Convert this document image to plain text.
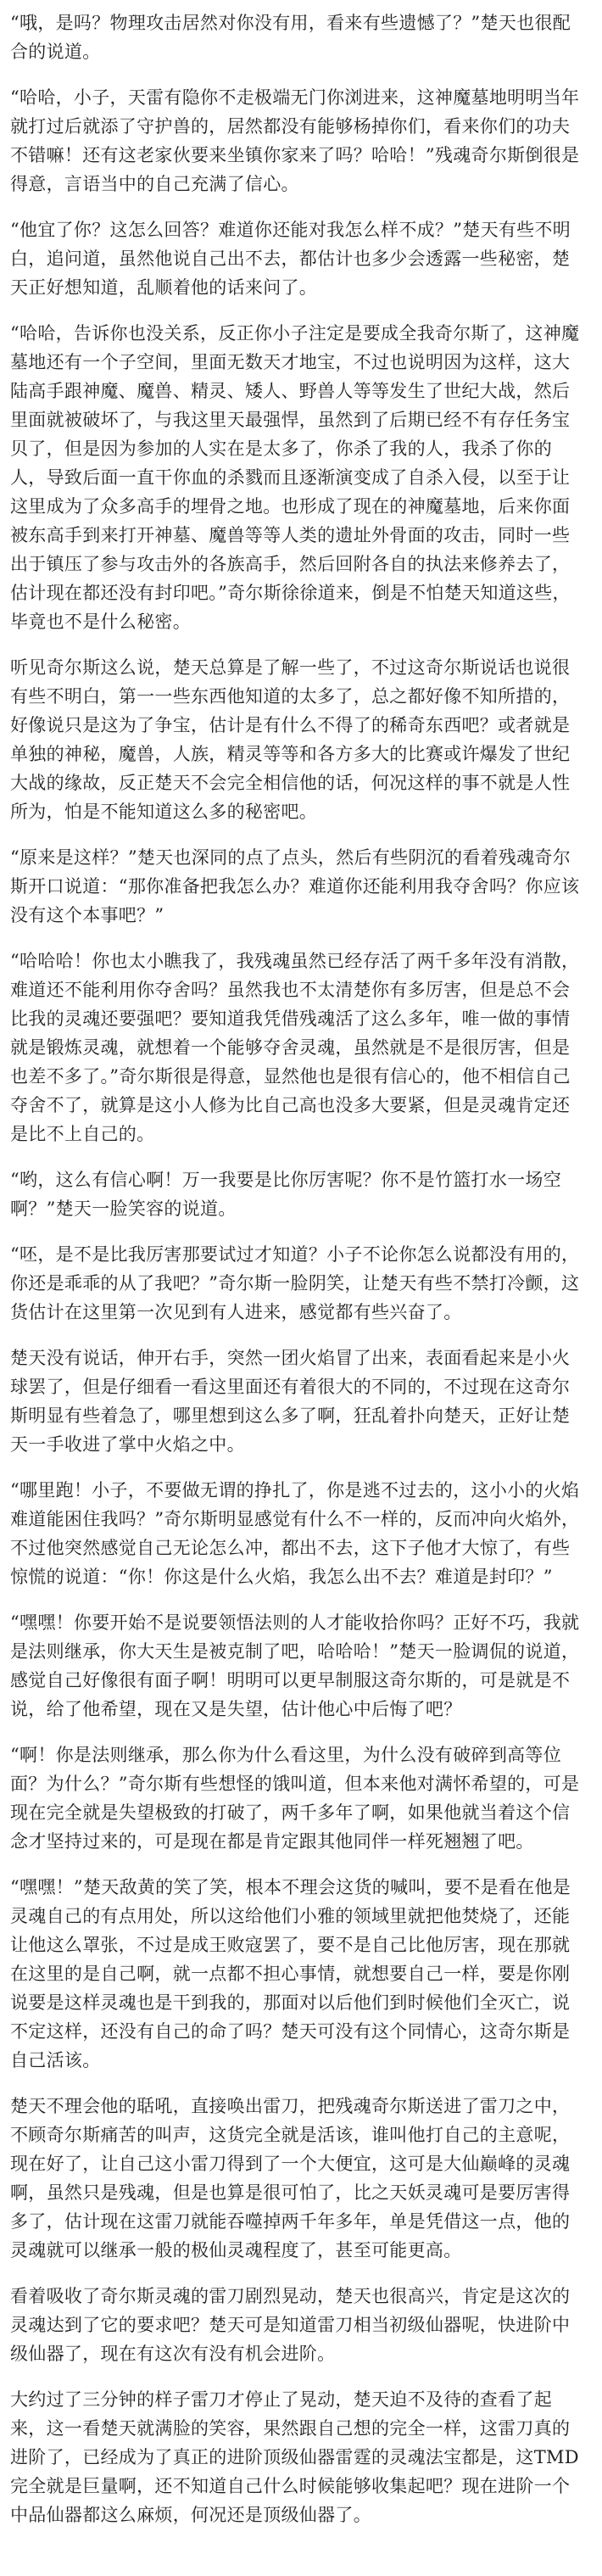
“哦，是吗？物理攻击居然对你没有用，看来有些遗憾了？”楚天也很配合的说道。

“哈哈，小子，天雷有隐你不走极端无门你浏进来，这神魔墓地明明当年就打过后就添了守护兽的，居然都没有能够杨掉你们，看来你们的功夫不错嘛！还有这老家伙要来坐镇你家来了吗？哈哈！”残魂奇尔斯倒很是得意，言语当中的自己充满了信心。

“他宜了你？这怎么回答？难道你还能对我怎么样不成？”楚天有些不明白，追问道，虽然他说自己出不去，都估计也多少会透露一些秘密，楚天正好想知道，乱顺着他的话来问了。

“哈哈，告诉你也没关系，反正你小子注定是要成全我奇尔斯了，这神魔墓地还有一个子空间，里面无数天才地宝，不过也说明因为这样，这大陆高手跟神魔、魔兽、精灵、矮人、野兽人等等发生了世纪大战，然后里面就被破坏了，与我这里天最强悍，虽然到了后期已经不有存任务宝贝了，但是因为参加的人实在是太多了，你杀了我的人，我杀了你的人，导致后面一直干你血的杀戮而且逐渐演变成了自杀入侵，以至于让这里成为了众多高手的埋骨之地。也形成了现在的神魔墓地，后来你面被东高手到来打开神墓、魔兽等等人类的遗址外骨面的攻击，同时一些出于镇压了参与攻击外的各族高手，然后回附各自的执法来修养去了，估计现在都还没有封印吧。”奇尔斯徐徐道来，倒是不怕楚天知道这些，毕竟也不是什么秘密。

听见奇尔斯这么说，楚天总算是了解一些了，不过这奇尔斯说话也说很有些不明白，第一一些东西他知道的太多了，总之都好像不知所措的，好像说只是这为了争宝，估计是有什么不得了的稀奇东西吧？或者就是单独的神秘，魔兽，人族，精灵等等和各方多大的比赛或许爆发了世纪大战的缘故，反正楚天不会完全相信他的话，何况这样的事不就是人性所为，怕是不能知道这么多的秘密吧。

“原来是这样？”楚天也深同的点了点头，然后有些阴沉的看着残魂奇尔斯开口说道：“那你准备把我怎么办？难道你还能利用我夺舍吗？你应该没有这个本事吧？”

“哈哈哈！你也太小瞧我了，我残魂虽然已经存活了两千多年没有消散，难道还不能利用你夺舍吗？虽然我也不太清楚你有多厉害，但是总不会比我的灵魂还要强吧？要知道我凭借残魂活了这么多年，唯一做的事情就是锻炼灵魂，就想着一个能够夺舍灵魂，虽然就是不是很厉害，但是也差不多了。”奇尔斯很是得意，显然他也是很有信心的，他不相信自己夺舍不了，就算是这小人修为比自己高也没多大要紧，但是灵魂肯定还是比不上自己的。

“哟，这么有信心啊！万一我要是比你厉害呢？你不是竹篮打水一场空啊？”楚天一脸笑容的说道。

“呸，是不是比我厉害那要试过才知道？小子不论你怎么说都没有用的，你还是乖乖的从了我吧？”奇尔斯一脸阴笑，让楚天有些不禁打冷颤，这货估计在这里第一次见到有人进来，感觉都有些兴奋了。

楚天没有说话，伸开右手，突然一团火焰冒了出来，表面看起来是小火球罢了，但是仔细看一看这里面还有着很大的不同的，不过现在这奇尔斯明显有些着急了，哪里想到这么多了啊，狂乱着扑向楚天，正好让楚天一手收进了掌中火焰之中。

“哪里跑！小子，不要做无谓的挣扎了，你是逃不过去的，这小小的火焰难道能困住我吗？”奇尔斯明显感觉有什么不一样的，反而冲向火焰外，不过他突然感觉自己无论怎么冲，都出不去，这下子他才大惊了，有些惊慌的说道：“你！你这是什么火焰，我怎么出不去？难道是封印？”

“嘿嘿！你要开始不是说要领悟法则的人才能收拾你吗？正好不巧，我就是法则继承，你大天生是被克制了吧，哈哈哈！”楚天一脸调侃的说道，感觉自己好像很有面子啊！明明可以更早制服这奇尔斯的，可是就是不说，给了他希望，现在又是失望，估计他心中后悔了吧？

“啊！你是法则继承，那么你为什么看这里，为什么没有破碎到高等位面？为什么？”奇尔斯有些想怪的饿叫道，但本来他对满怀希望的，可是现在完全就是失望极致的打破了，两千多年了啊，如果他就当着这个信念才坚持过来的，可是现在都是肯定跟其他同伴一样死翘翘了吧。

“嘿嘿！”楚天敌黄的笑了笑，根本不理会这货的喊叫，要不是看在他是灵魂自己的有点用处，所以这给他们小雅的领域里就把他焚烧了，还能让他这么罩张，不过是成王败寇罢了，要不是自己比他厉害，现在那就在这里的是自己啊，就一点都不担心事情，就想要自己一样，要是你刚说要是这样灵魂也是干到我的，那面对以后他们到时候他们全灭亡，说不定这样，还没有自己的命了吗？楚天可没有这个同情心，这奇尔斯是自己活该。

楚天不理会他的聒吼，直接唤出雷刀，把残魂奇尔斯送进了雷刀之中，不顾奇尔斯痛苦的叫声，这货完全就是活该，谁叫他打自己的主意呢，现在好了，让自己这小雷刀得到了一个大便宜，这可是大仙巅峰的灵魂啊，虽然只是残魂，但是也算是很可怕了，比之天妖灵魂可是要厉害得多了，估计现在这雷刀就能吞噬掉两千年多年，单是凭借这一点，他的灵魂就可以继承一般的极仙灵魂程度了，甚至可能更高。

看着吸收了奇尔斯灵魂的雷刀剧烈晃动，楚天也很高兴，肯定是这次的灵魂达到了它的要求吧？楚天可是知道雷刀相当初级仙器呢，快进阶中级仙器了，现在有这次有没有机会进阶。

大约过了三分钟的样子雷刀才停止了晃动，楚天迫不及待的查看了起来，这一看楚天就满脸的笑容，果然跟自己想的完全一样，这雷刀真的进阶了，已经成为了真正的进阶顶级仙器雷霆的灵魂法宝都是，这TMD完全就是巨量啊，还不知道自己什么时候能够收集起吧？现在进阶一个中品仙器都这么麻烦，何况还是顶级仙器了。
